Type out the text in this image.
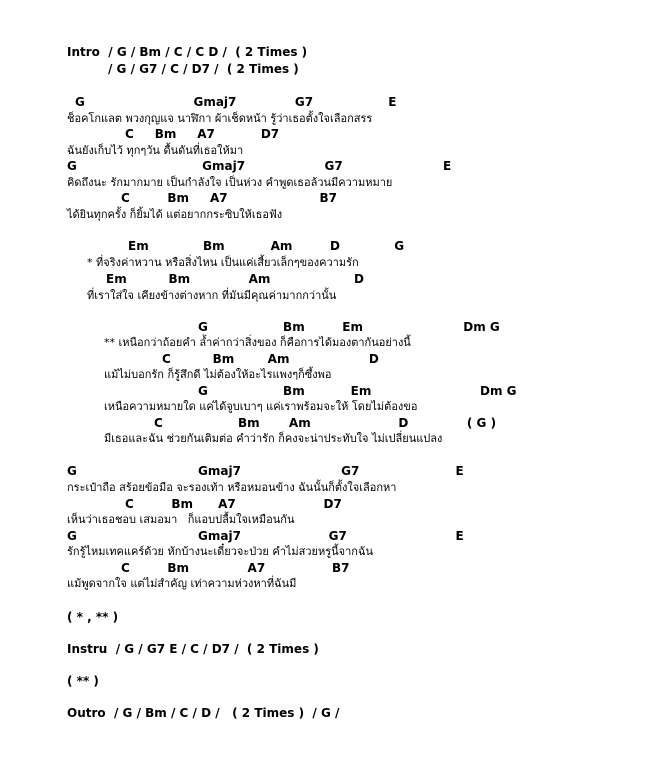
Intro  / G / Bm / C / C D /  ( 2 Times )
/ G / G7 / C / D7 /  ( 2 Times )
G                          Gmaj7              G7                  E
ช็อคโกแลต พวงกุญแจ นาฬิกา ผ้าเช็ดหน้า รู้ว่าเธอตั้งใจเลือกสรร
C     Bm     A7           D7
ฉันยังเก็บไว้ ทุกๆวัน ดื้นดันที่เธอให้มา
G                              Gmaj7                   G7                        E
คิดถึงนะ รักมากมาย เป็นกำลังใจ เป็นห่วง คำพูดเธอล้วนมีความหมาย
C         Bm     A7                      B7
ได้ยินทุกครั้ง ก็ยิ้มได้ แต่อยากกระซิบให้เธอฟัง
Em             Bm           Am         D             G
* ที่จริงค่าหวาน หรือสิ่งไหน เป็นแค่เสี้ยวเล็กๆของความรัก
Em          Bm              Am                    D
ที่เราใส่ใจ เคียงข้างต่างหาก ที่มันมีคุณค่ามากกว่านั้น
G                  Bm         Em                        Dm G
** เหนือกว่าถ้อยคำ ล้ำค่ากว่าสิ่งของ ก็คือการได้มองตากันอย่างนี้
C          Bm        Am                   D
แม้ไม่บอกรัก ก็รู้สึกดี ไม่ต้องให้อะไรแพงๆก็ซึ้งพอ
G                  Bm           Em                          Dm G
เหนือความหมายใด แค่ได้จูบเบาๆ แค่เราพร้อมจะให้ โดยไม่ต้องขอ
C                  Bm       Am                     D              ( G )
มีเธอและฉัน ช่วยกันเติมต่อ คำว่ารัก ก็คงจะน่าประทับใจ ไม่เปลี่ยนแปลง
G                             Gmaj7                        G7                       E
กระเป๋าถือ สร้อยข้อมือ จะรองเท้า หรือหมอนข้าง ฉันนั้นก็ตั้งใจเลือกหา
C         Bm      A7                     D7
เห็นว่าเธอชอบ เสมอมา   ก็แอบปลื้มใจเหมือนกัน
G                             Gmaj7                     G7                          E
รักรู้ไหมเทคแคร์ด้วย หักบ้างนะเดี๋ยวจะป่วย คำไม่สวยหรูนี้จากฉัน
C         Bm              A7                B7
แม้พูดจากใจ แต่ไม่สำคัญ เท่าความห่วงหาที่ฉันมี
( * , ** )
Instru  / G / G7 E / C / D7 /  ( 2 Times )
( ** )
Outro  / G / Bm / C / D /   ( 2 Times )  / G /
